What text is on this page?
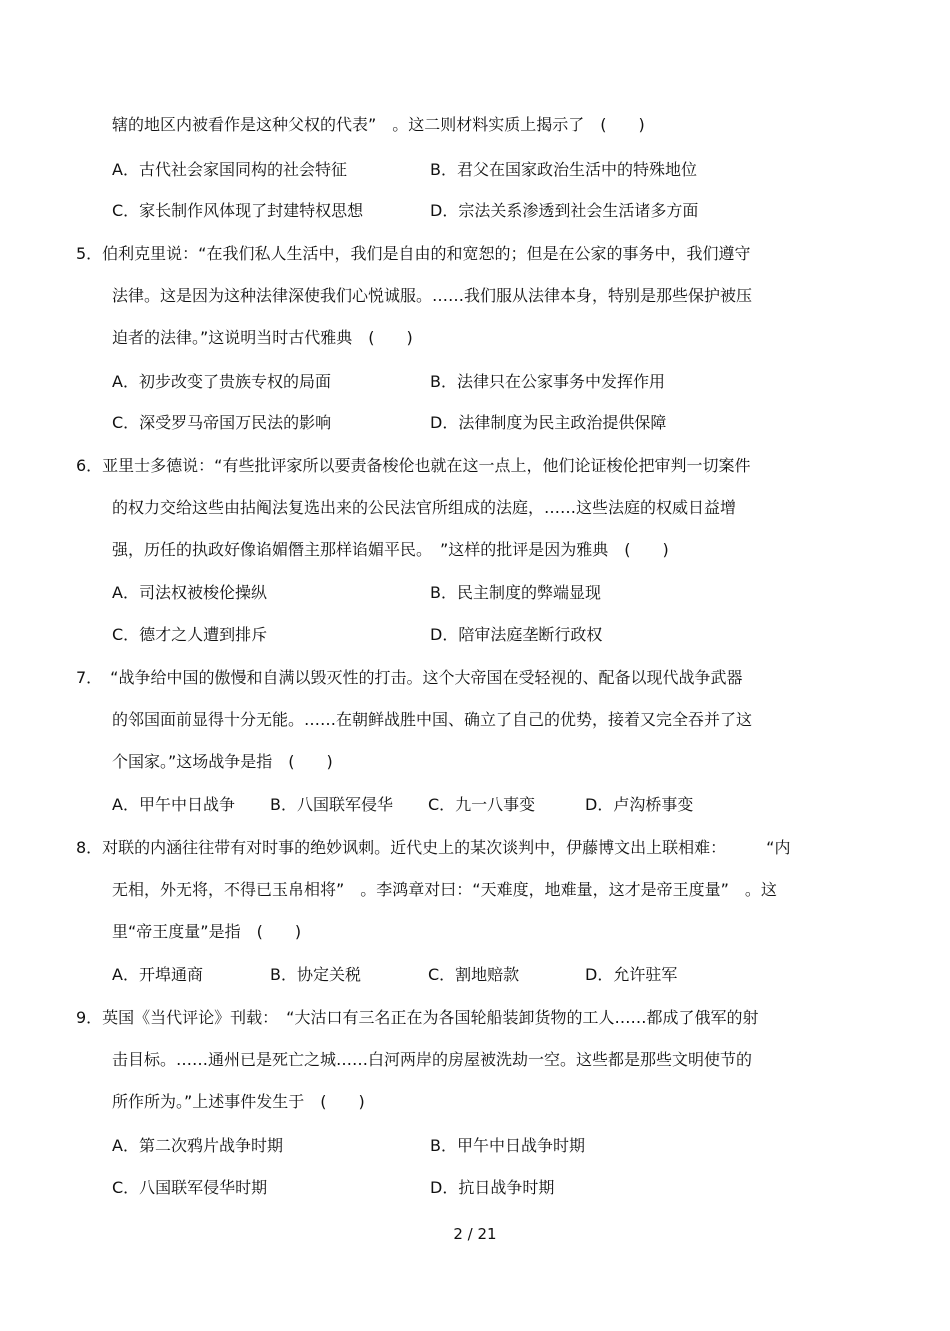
辖的地区内被看作是这种父权的代表”　。这二则材料实质上揭示了　(　　)
A．古代社会家国同构的社会特征	B．君父在国家政治生活中的特殊地位
C．家长制作风体现了封建特权思想	D．宗法关系渗透到社会生活诸多方面
5．伯利克里说：“在我们私人生活中，我们是自由的和宽恕的；但是在公家的事务中，我们遵守
法律。这是因为这种法律深使我们心悦诚服。……我们服从法律本身，特别是那些保护被压
迫者的法律。”这说明当时古代雅典　(　　)
A．初步改变了贵族专权的局面	B．法律只在公家事务中发挥作用
C．深受罗马帝国万民法的影响	D．法律制度为民主政治提供保障
6．亚里士多德说：“有些批评家所以要责备梭伦也就在这一点上，他们论证梭伦把审判一切案件
的权力交给这些由拈阄法复选出来的公民法官所组成的法庭，……这些法庭的权威日益增
强，历任的执政好像谄媚僭主那样谄媚平民。　”这样的批评是因为雅典　(　　)
A．司法权被梭伦操纵	B．民主制度的弊端显现
C．德才之人遭到排斥	D．陪审法庭垄断行政权
7．　“战争给中国的傲慢和自满以毁灭性的打击。这个大帝国在受轻视的、配备以现代战争武器
的邻国面前显得十分无能。……在朝鲜战胜中国、确立了自己的优势，接着又完全吞并了这
个国家。”这场战争是指　(　　)
A．甲午中日战争 B．八国联军侵华 C．九一八事变	D．卢沟桥事变
8．对联的内涵往往带有对时事的绝妙讽刺。近代史上的某次谈判中，伊藤博文出上联相难：　　　“内
无相，外无将，不得已玉帛相将”　。李鸿章对曰：“天难度，地难量，这才是帝王度量”　。这
里“帝王度量”是指　(　　)
A．开埠通商	B．协定关税	C．割地赔款	D．允许驻军
9．英国《当代评论》刊载：　“大沽口有三名正在为各国轮船装卸货物的工人……都成了俄军的射
击目标。……通州已是死亡之城……白河两岸的房屋被洗劫一空。这些都是那些文明使节的
所作所为。”上述事件发生于　(　　)
A．第二次鸦片战争时期	B．甲午中日战争时期
C．八国联军侵华时期	D．抗日战争时期
2 / 21
